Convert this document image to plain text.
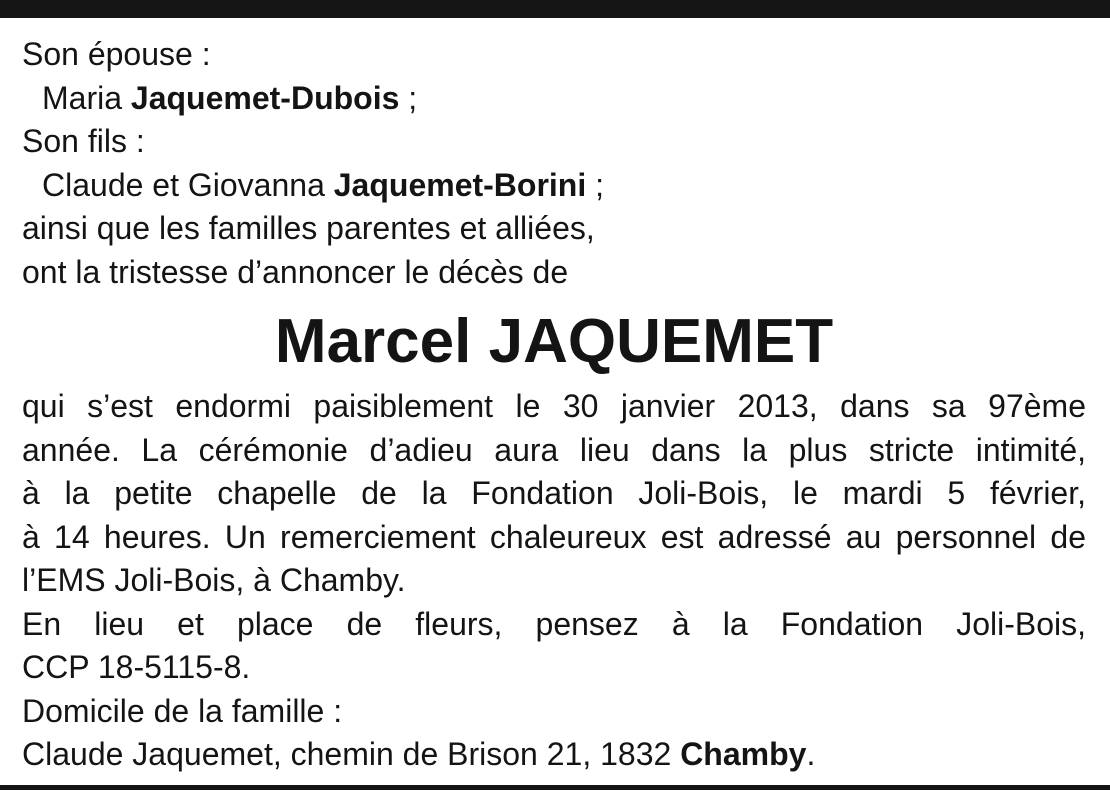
Son épouse :
Maria Jaquemet-Dubois ;
Son fils :
Claude et Giovanna Jaquemet-Borini ;
ainsi que les familles parentes et alliées,
ont la tristesse d’annoncer le décès de
Marcel JAQUEMET
qui s’est endormi paisiblement le 30 janvier 2013, dans sa 97ème
année. La cérémonie d’adieu aura lieu dans la plus stricte intimité,
à la petite chapelle de la Fondation Joli-Bois, le mardi 5 février,
à 14 heures. Un remerciement chaleureux est adressé au personnel de
l’EMS Joli-Bois, à Chamby.
En lieu et place de fleurs, pensez à la Fondation Joli-Bois,
CCP 18-5115-8.
Domicile de la famille :
Claude Jaquemet, chemin de Brison 21, 1832 Chamby.
